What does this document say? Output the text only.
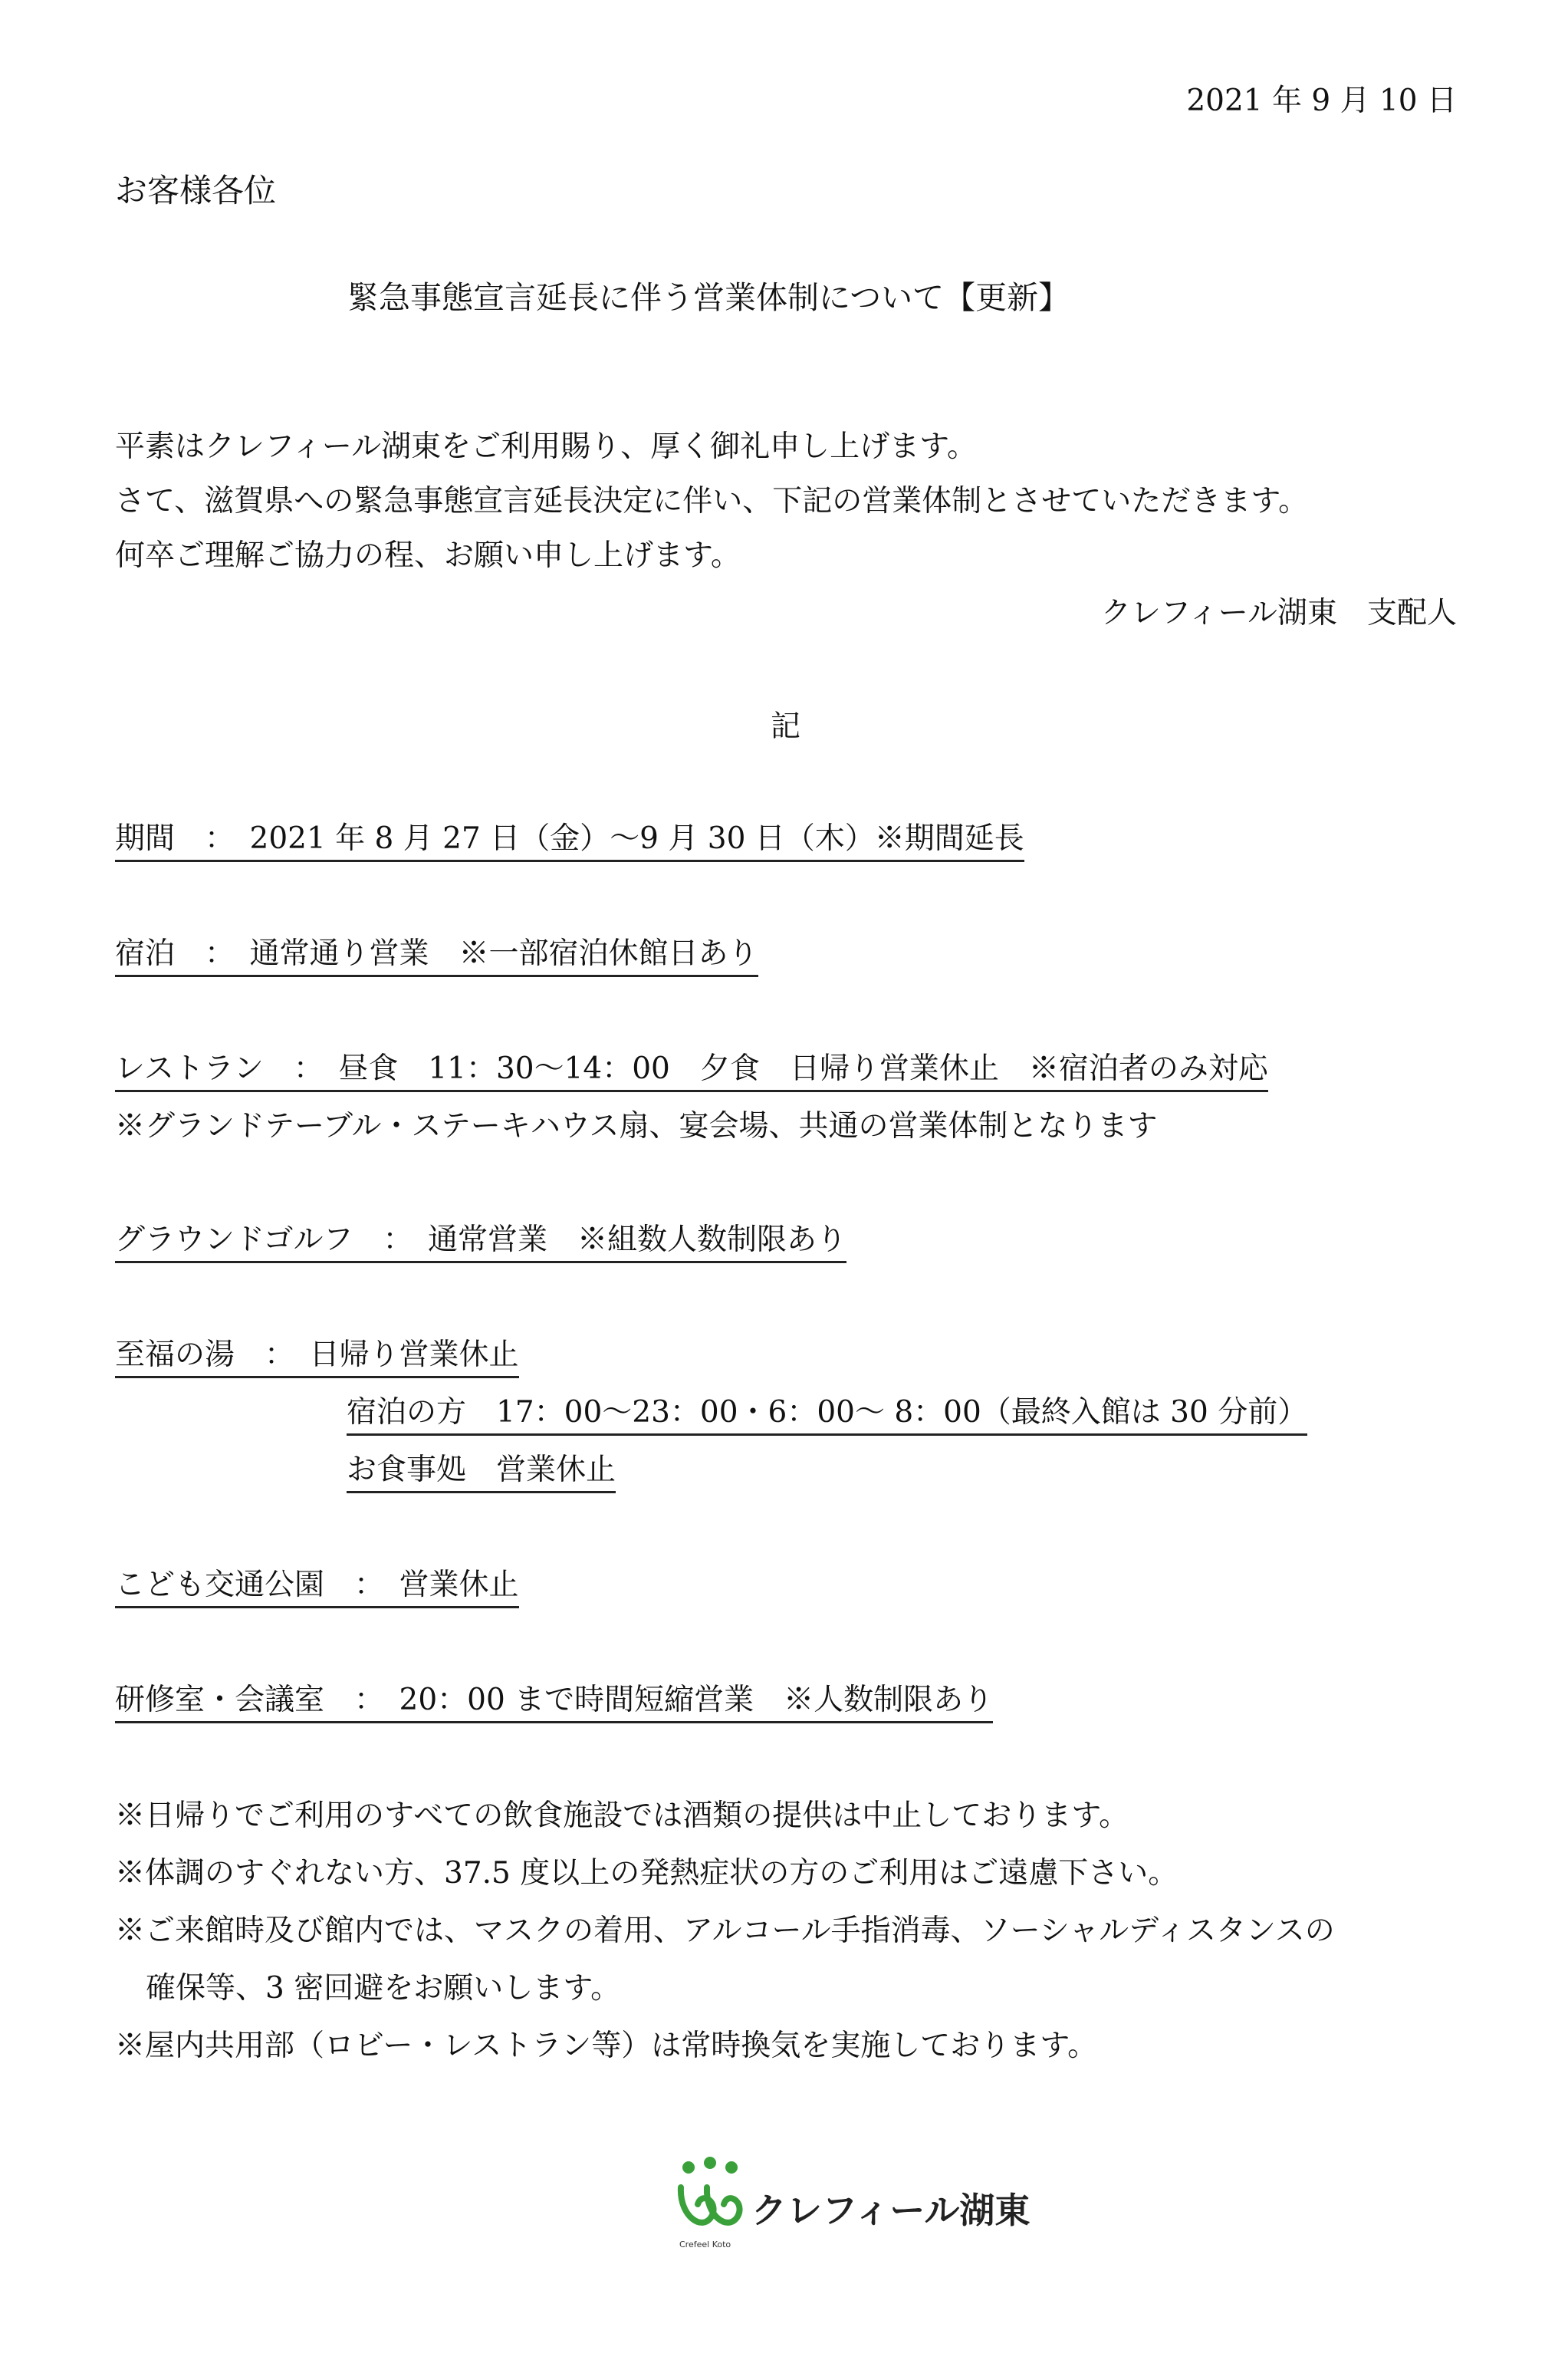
2021 年 9 月 10 日
お客様各位
緊急事態宣言延長に伴う営業体制について【更新】
平素はクレフィール湖東をご利用賜り、厚く御礼申し上げます。
さて、滋賀県への緊急事態宣言延長決定に伴い、下記の営業体制とさせていただきます。
何卒ご理解ご協力の程、お願い申し上げます。
クレフィール湖東　支配人
記
期間　：　2021 年 8 月 27 日（金）〜9 月 30 日（木）※期間延長
宿泊　：　通常通り営業　※一部宿泊休館日あり
レストラン　：　昼食　11：30〜14：00　夕食　日帰り営業休止　※宿泊者のみ対応
※グランドテーブル・ステーキハウス扇、宴会場、共通の営業体制となります
グラウンドゴルフ　：　通常営業　※組数人数制限あり
至福の湯　：　日帰り営業休止
宿泊の方　17：00〜23：00・6：00〜 8：00（最終入館は 30 分前）
お食事処　営業休止
こども交通公園　：　営業休止
研修室・会議室　：　20：00 まで時間短縮営業　※人数制限あり
※日帰りでご利用のすべての飲食施設では酒類の提供は中止しております。
※体調のすぐれない方、37.5 度以上の発熱症状の方のご利用はご遠慮下さい。
※ご来館時及び館内では、マスクの着用、アルコール手指消毒、ソーシャルディスタンスの
確保等、3 密回避をお願いします。
※屋内共用部（ロビー・レストラン等）は常時換気を実施しております。
クレフィール湖東
Crefeel Koto
